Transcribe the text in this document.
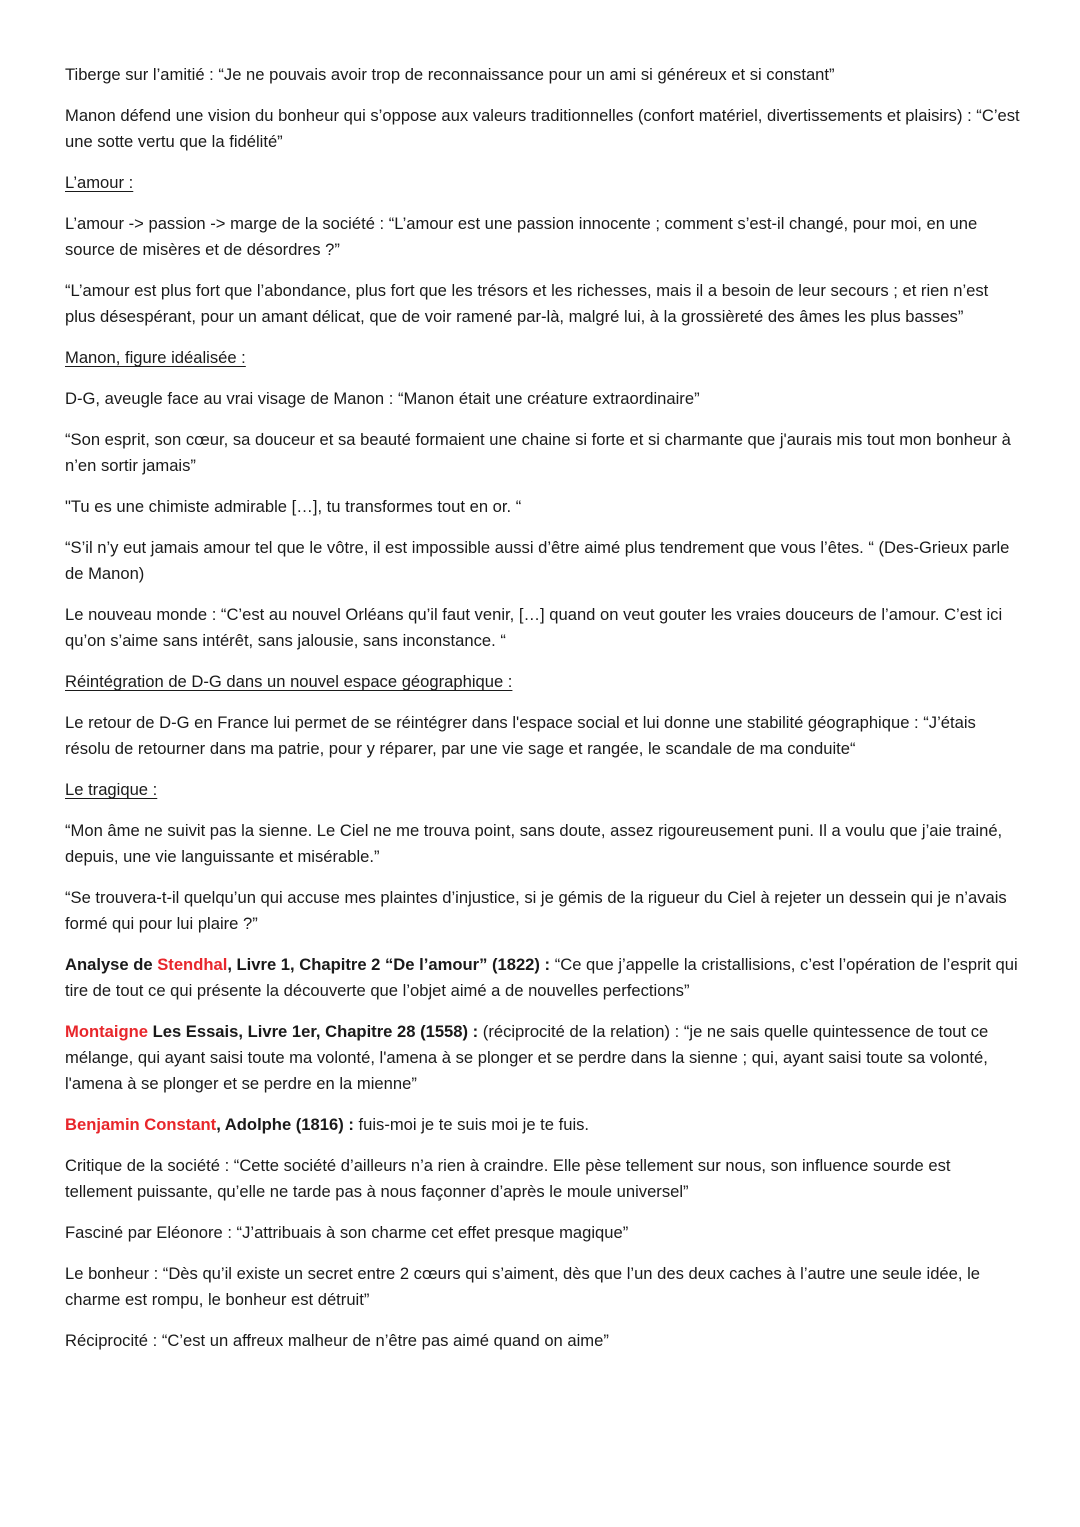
Tiberge sur l’amitié : “Je ne pouvais avoir trop de reconnaissance pour un ami si généreux et si constant”

Manon défend une vision du bonheur qui s’oppose aux valeurs traditionnelles (confort matériel, divertissements et plaisirs) : “C’est une sotte vertu que la fidélité”

L’amour :

L’amour -> passion -> marge de la société : “L’amour est une passion innocente ; comment s’est-il changé, pour moi, en une source de misères et de désordres ?”

“L’amour est plus fort que l’abondance, plus fort que les trésors et les richesses, mais il a besoin de leur secours ; et rien n’est plus désespérant, pour un amant délicat, que de voir ramené par-là, malgré lui, à la grossièreté des âmes les plus basses”

Manon, figure idéalisée :

D-G, aveugle face au vrai visage de Manon : “Manon était une créature extraordinaire”

“Son esprit, son cœur, sa douceur et sa beauté formaient une chaine si forte et si charmante que j'aurais mis tout mon bonheur à n’en sortir jamais”

"Tu es une chimiste admirable […], tu transformes tout en or. “

“S’il n’y eut jamais amour tel que le vôtre, il est impossible aussi d’être aimé plus tendrement que vous l’êtes. “ (Des-Grieux parle de Manon)

Le nouveau monde : “C’est au nouvel Orléans qu’il faut venir, […] quand on veut gouter les vraies douceurs de l’amour. C’est ici qu’on s’aime sans intérêt, sans jalousie, sans inconstance. “

Réintégration de D-G dans un nouvel espace géographique :

Le retour de D-G en France lui permet de se réintégrer dans l'espace social et lui donne une stabilité géographique : “J’étais résolu de retourner dans ma patrie, pour y réparer, par une vie sage et rangée, le scandale de ma conduite“

Le tragique :

“Mon âme ne suivit pas la sienne. Le Ciel ne me trouva point, sans doute, assez rigoureusement puni. Il a voulu que j’aie trainé, depuis, une vie languissante et misérable.”

“Se trouvera-t-il quelqu’un qui accuse mes plaintes d’injustice, si je gémis de la rigueur du Ciel à rejeter un dessein qui je n’avais formé qui pour lui plaire ?”

Analyse de Stendhal, Livre 1, Chapitre 2 “De l’amour” (1822) : “Ce que j’appelle la cristallisions, c’est l’opération de l’esprit qui tire de tout ce qui présente la découverte que l’objet aimé a de nouvelles perfections”

Montaigne Les Essais, Livre 1er, Chapitre 28 (1558) : (réciprocité de la relation) : “je ne sais quelle quintessence de tout ce mélange, qui ayant saisi toute ma volonté, l'amena à se plonger et se perdre dans la sienne ; qui, ayant saisi toute sa volonté, l'amena à se plonger et se perdre en la mienne”

Benjamin Constant, Adolphe (1816) : fuis-moi je te suis moi je te fuis.

Critique de la société : “Cette société d’ailleurs n’a rien à craindre. Elle pèse tellement sur nous, son influence sourde est tellement puissante, qu’elle ne tarde pas à nous façonner d’après le moule universel”

Fasciné par Eléonore : “J’attribuais à son charme cet effet presque magique”

Le bonheur : “Dès qu’il existe un secret entre 2 cœurs qui s’aiment, dès que l’un des deux caches à l’autre une seule idée, le charme est rompu, le bonheur est détruit”

Réciprocité : “C’est un affreux malheur de n’être pas aimé quand on aime”
